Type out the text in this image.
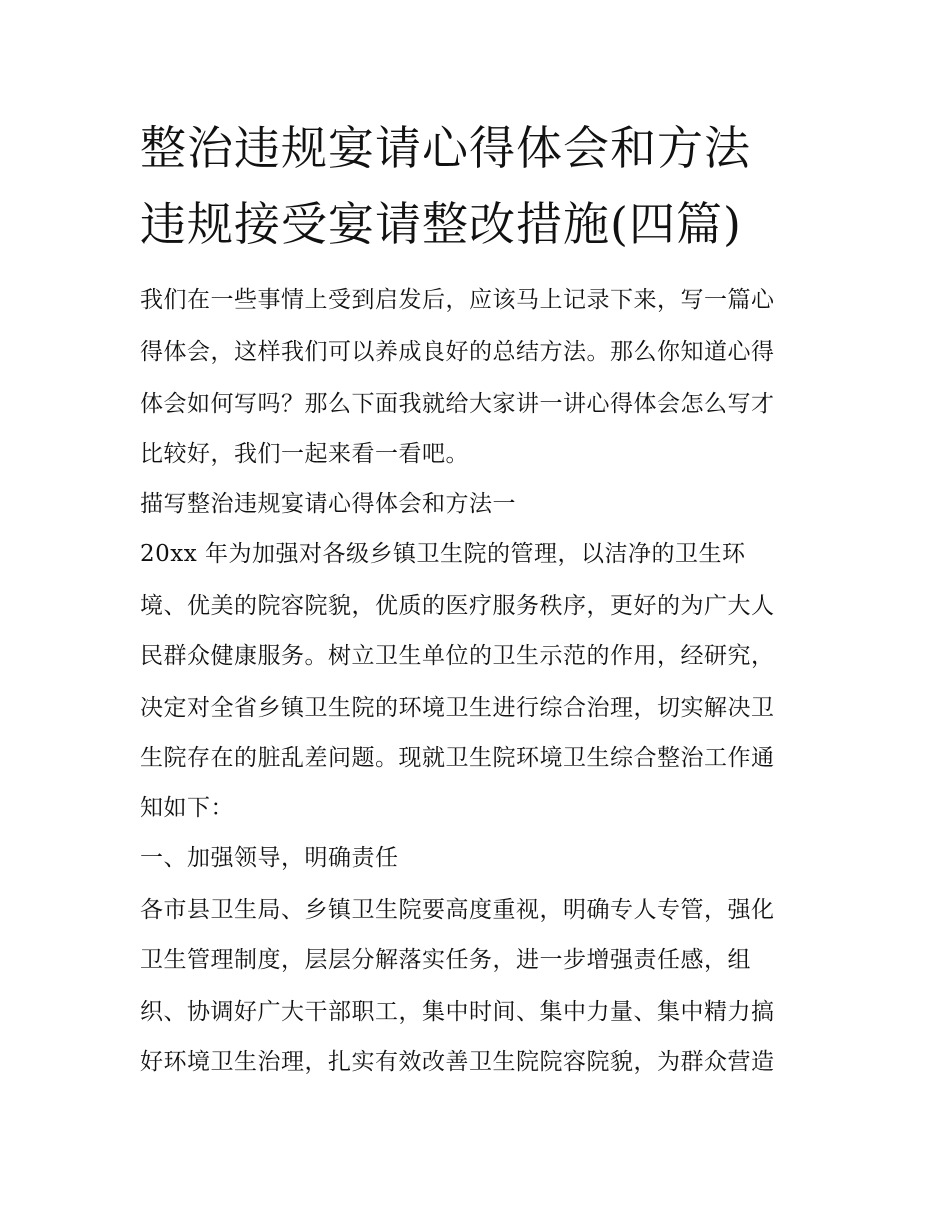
整治违规宴请心得体会和方法
违规接受宴请整改措施(四篇)

我们在一些事情上受到启发后，应该马上记录下来，写一篇心

得体会，这样我们可以养成良好的总结方法。那么你知道心得

体会如何写吗？那么下面我就给大家讲一讲心得体会怎么写才

比较好，我们一起来看一看吧。

描写整治违规宴请心得体会和方法一

20xx 年为加强对各级乡镇卫生院的管理，以洁净的卫生环

境、优美的院容院貌，优质的医疗服务秩序，更好的为广大人

民群众健康服务。树立卫生单位的卫生示范的作用，经研究，

决定对全省乡镇卫生院的环境卫生进行综合治理，切实解决卫

生院存在的脏乱差问题。现就卫生院环境卫生综合整治工作通

知如下：

一、加强领导，明确责任

各市县卫生局、乡镇卫生院要高度重视，明确专人专管，强化

卫生管理制度，层层分解落实任务，进一步增强责任感，组

织、协调好广大干部职工，集中时间、集中力量、集中精力搞

好环境卫生治理，扎实有效改善卫生院院容院貌，为群众营造
